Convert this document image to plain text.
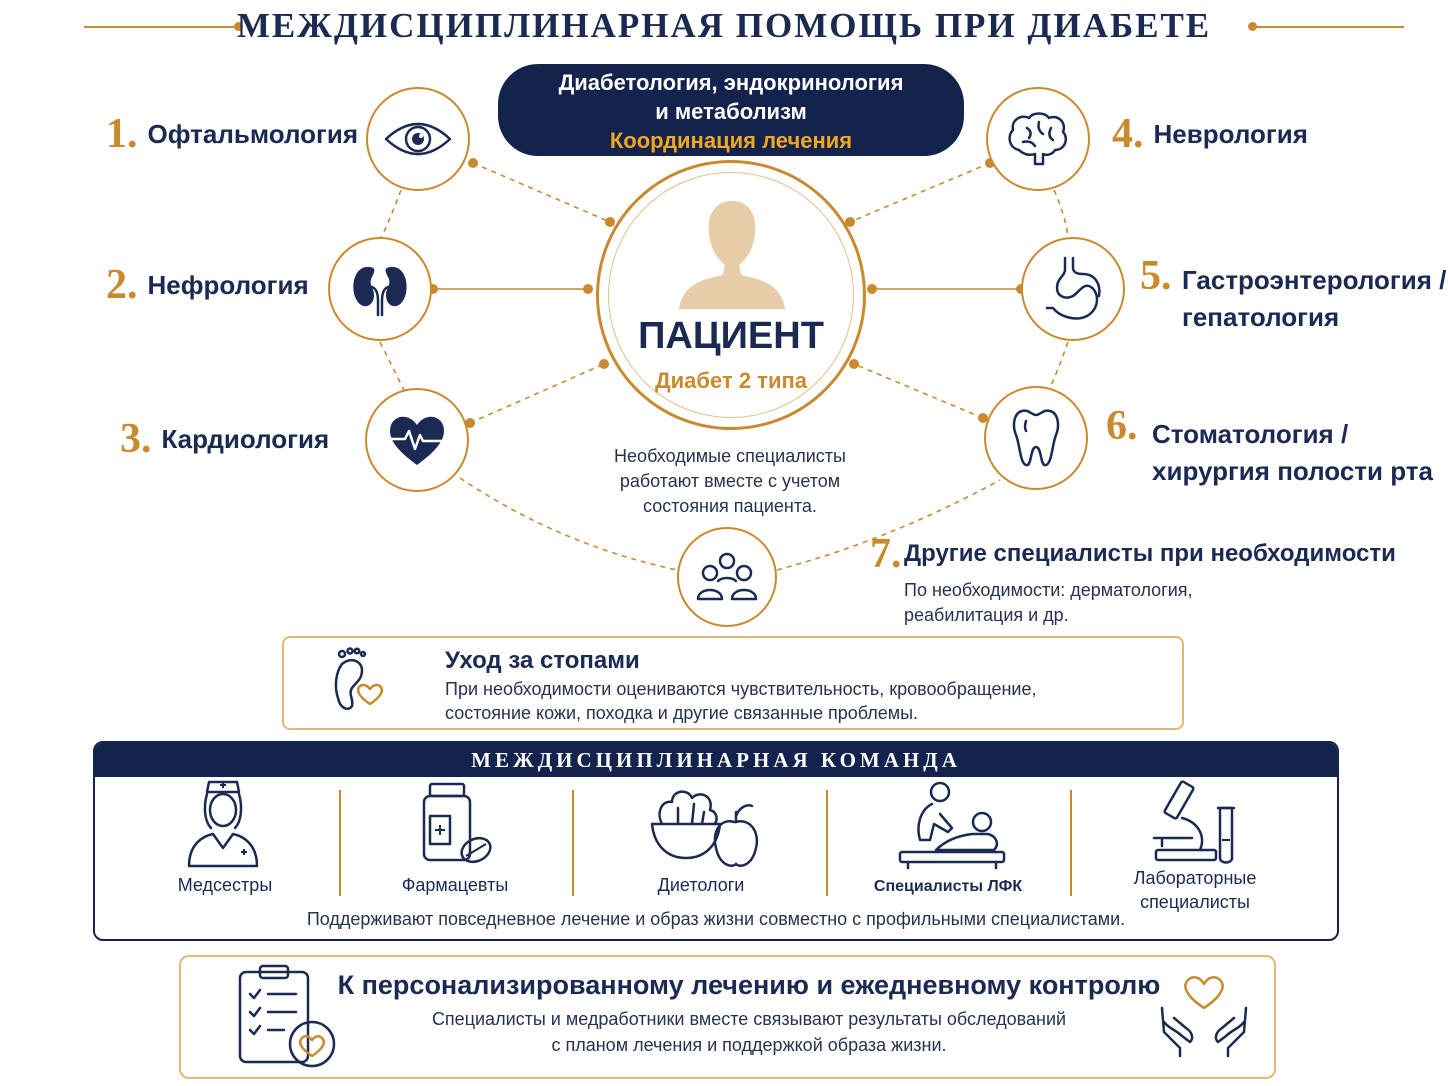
МЕЖДИСЦИПЛИНАРНАЯ ПОМОЩЬ ПРИ ДИАБЕТЕ
Диабетология, эндокринология
и метаболизм
Координация лечения
1. Офтальмология
2. Нефрология
3. Кардиология
4. Неврология
5. Гастроэнтерология /
гепатология
6. Стоматология /
хирургия полости рта
ПАЦИЕНТ
Диабет 2 типа
Необходимые специалисты работают вместе с учетом состояния пациента.
7. Другие специалисты при необходимости
По необходимости: дерматология,
реабилитация и др.
Уход за стопами
При необходимости оцениваются чувствительность, кровообращение,
состояние кожи, походка и другие связанные проблемы.
МЕЖДИСЦИПЛИНАРНАЯ КОМАНДА
Медсестры	Фармацевты	Диетологи	Специалисты ЛФК	Лабораторные
специалисты
Поддерживают повседневное лечение и образ жизни совместно с профильными специалистами.
К персонализированному лечению и ежедневному контролю
Специалисты и медработники вместе связывают результаты обследований
с планом лечения и поддержкой образа жизни.
